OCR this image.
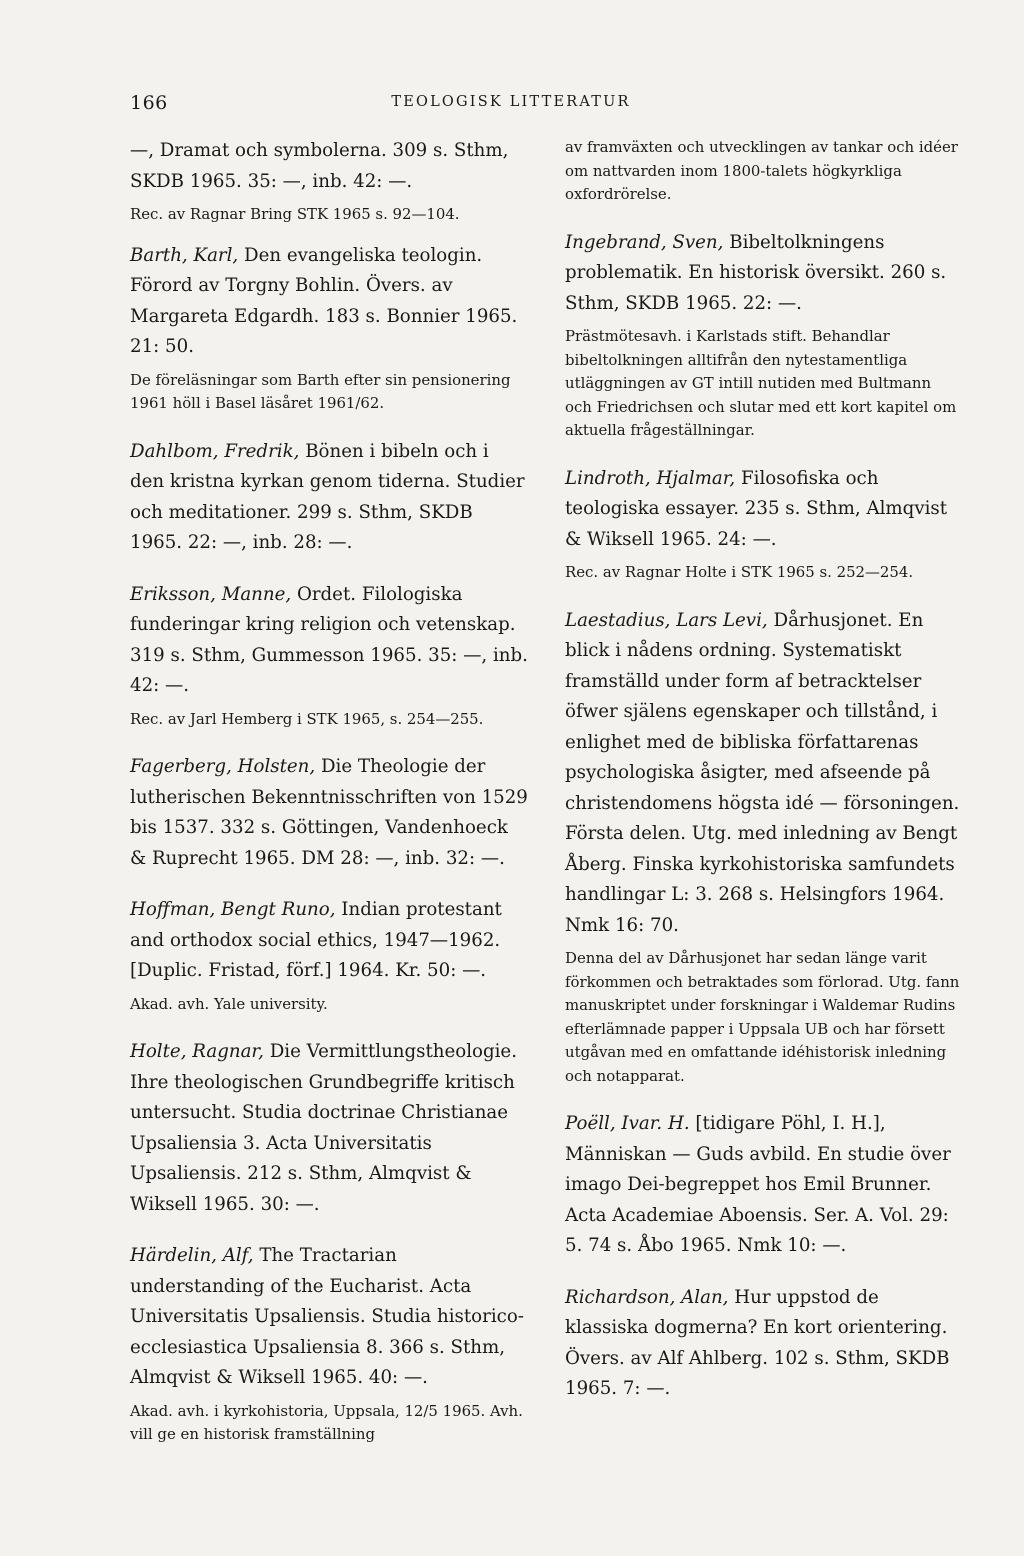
166	TEOLOGISK LITTERATUR

—, Dramat och symbolerna. 309 s. Sthm, SKDB 1965. 35: —, inb. 42: —.

Rec. av Ragnar Bring STK 1965 s. 92—104.

Barth, Karl, Den evangeliska teologin. Förord av Torgny Bohlin. Övers. av Margareta Edgardh. 183 s. Bonnier 1965. 21: 50.

De föreläsningar som Barth efter sin pensionering 1961 höll i Basel läsåret 1961/62.

Dahlbom, Fredrik, Bönen i bibeln och i den kristna kyrkan genom tiderna. Studier och meditationer. 299 s. Sthm, SKDB 1965. 22: —, inb. 28: —.

Eriksson, Manne, Ordet. Filologiska funderingar kring religion och vetenskap. 319 s. Sthm, Gummesson 1965. 35: —, inb. 42: —.

Rec. av Jarl Hemberg i STK 1965, s. 254—255.

Fagerberg, Holsten, Die Theologie der lutherischen Bekenntnisschriften von 1529 bis 1537. 332 s. Göttingen, Vandenhoeck & Ruprecht 1965. DM 28: —, inb. 32: —.

Hoffman, Bengt Runo, Indian protestant and orthodox social ethics, 1947—1962. [Duplic. Fristad, förf.] 1964. Kr. 50: —.

Akad. avh. Yale university.

Holte, Ragnar, Die Vermittlungstheologie. Ihre theologischen Grundbegriffe kritisch untersucht. Studia doctrinae Christianae Upsaliensia 3. Acta Universitatis Upsaliensis. 212 s. Sthm, Almqvist & Wiksell 1965. 30: —.

Härdelin, Alf, The Tractarian understanding of the Eucharist. Acta Universitatis Upsaliensis. Studia historico-ecclesiastica Upsaliensia 8. 366 s. Sthm, Almqvist & Wiksell 1965. 40: —.

Akad. avh. i kyrkohistoria, Uppsala, 12/5 1965. Avh. vill ge en historisk framställning

av framväxten och utvecklingen av tankar och idéer om nattvarden inom 1800-talets högkyrkliga oxfordrörelse.

Ingebrand, Sven, Bibeltolkningens problematik. En historisk översikt. 260 s. Sthm, SKDB 1965. 22: —.

Prästmötesavh. i Karlstads stift. Behandlar bibeltolkningen alltifrån den nytestamentliga utläggningen av GT intill nutiden med Bultmann och Friedrichsen och slutar med ett kort kapitel om aktuella frågeställningar.

Lindroth, Hjalmar, Filosofiska och teologiska essayer. 235 s. Sthm, Almqvist & Wiksell 1965. 24: —.

Rec. av Ragnar Holte i STK 1965 s. 252—254.

Laestadius, Lars Levi, Dårhusjonet. En blick i nådens ordning. Systematiskt framställd under form af betracktelser öfwer själens egenskaper och tillstånd, i enlighet med de bibliska författarenas psychologiska åsigter, med afseende på christendomens högsta idé — försoningen. Första delen. Utg. med inledning av Bengt Åberg. Finska kyrkohistoriska samfundets handlingar L: 3. 268 s. Helsingfors 1964. Nmk 16: 70.

Denna del av Dårhusjonet har sedan länge varit förkommen och betraktades som förlorad. Utg. fann manuskriptet under forskningar i Waldemar Rudins efterlämnade papper i Uppsala UB och har försett utgåvan med en omfattande idéhistorisk inledning och notapparat.

Poëll, Ivar. H. [tidigare Pöhl, I. H.], Människan — Guds avbild. En studie över imago Dei-begreppet hos Emil Brunner. Acta Academiae Aboensis. Ser. A. Vol. 29: 5. 74 s. Åbo 1965. Nmk 10: —.

Richardson, Alan, Hur uppstod de klassiska dogmerna? En kort orientering. Övers. av Alf Ahlberg. 102 s. Sthm, SKDB 1965. 7: —.
